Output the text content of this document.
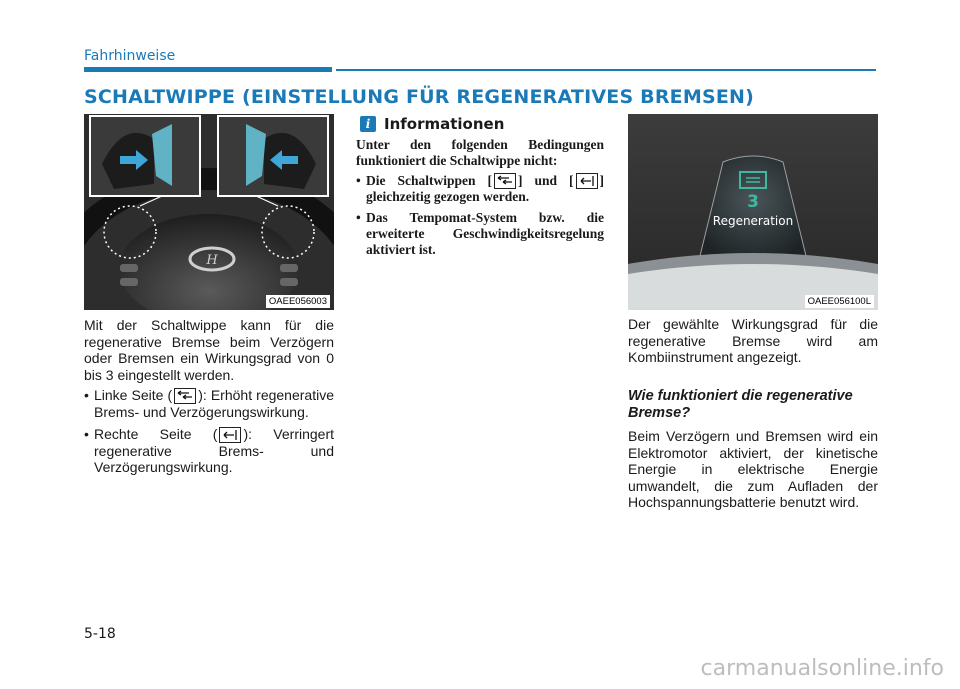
Fahrhinweise
SCHALTWIPPE (EINSTELLUNG FÜR REGENERATIVES BREMSEN)
H
OAEE056003

Mit der Schaltwippe kann für die regenerative Bremse beim Verzögern oder Bremsen ein Wirkungsgrad von 0 bis 3 eingestellt werden.

• Linke Seite ( ): Erhöht regenerative Brems- und Verzögerungswirkung.
• Rechte Seite ( ): Verringert regenerative Brems- und Verzögerungswirkung.
i Informationen

Unter den folgenden Bedingungen funktioniert die Schaltwippe nicht:

• Die Schaltwippen [ ] und [ ] gleichzeitig gezogen werden.
• Das Tempomat-System bzw. die erweiterte Geschwindigkeitsregelung aktiviert ist.
3
Regeneration
OAEE056100L
Der gewählte Wirkungsgrad für die regenerative Bremse wird am Kombiinstrument angezeigt.
Wie funktioniert die regenerative Bremse?
Beim Verzögern und Bremsen wird ein Elektromotor aktiviert, der kinetische Energie in elektrische Energie umwandelt, die zum Aufladen der Hochspannungsbatterie benutzt wird.
5-18
carmanualsonline.info
